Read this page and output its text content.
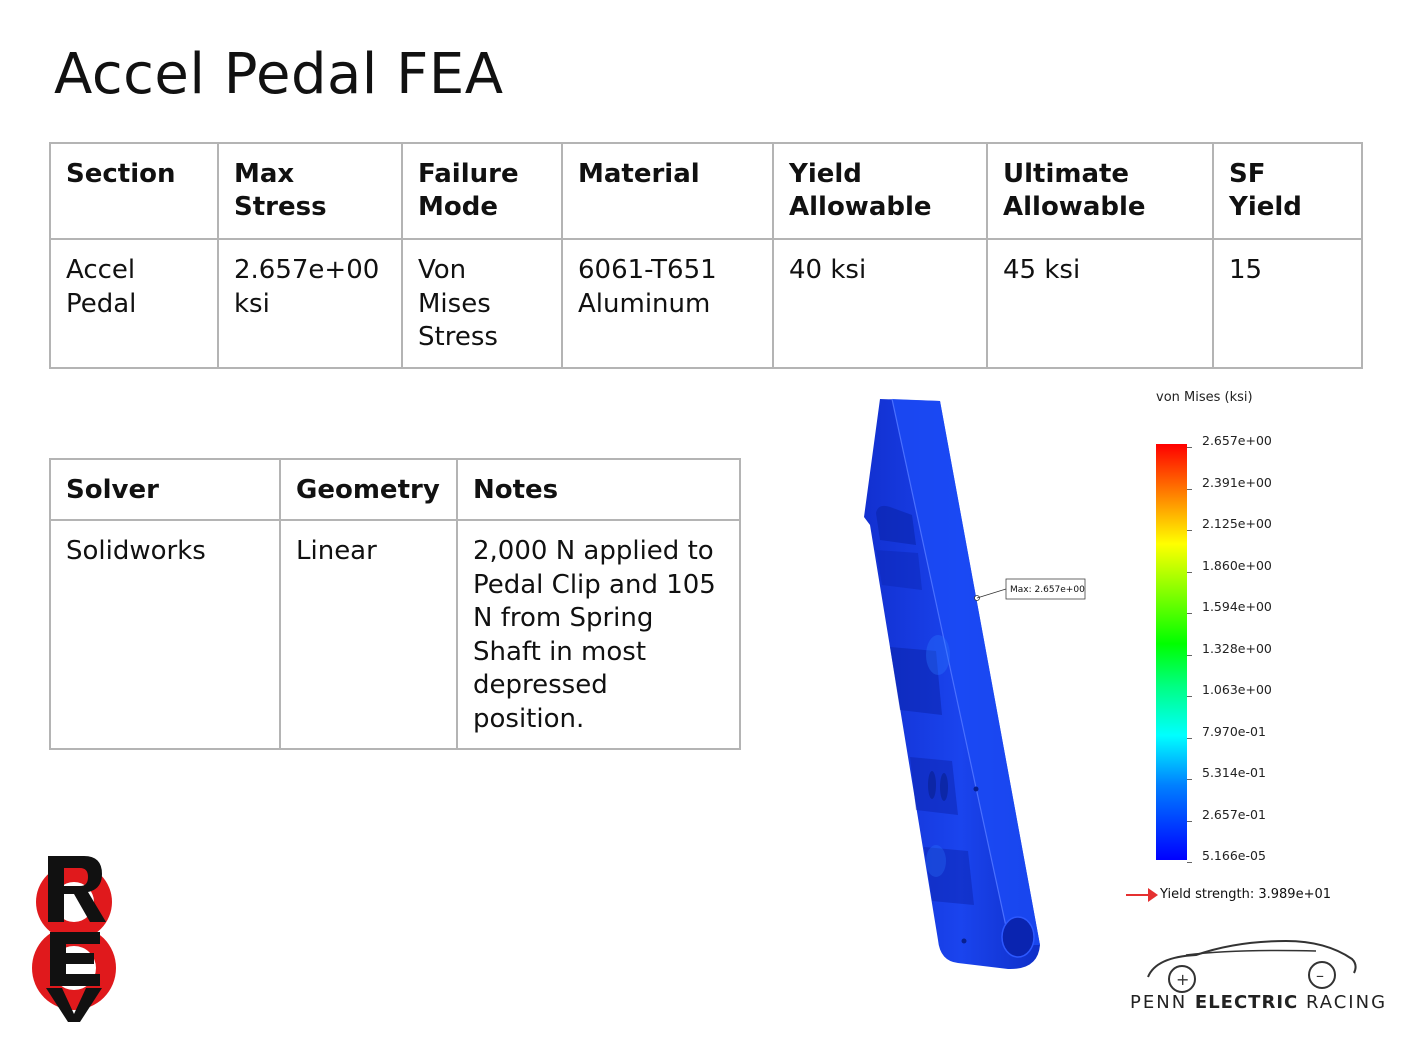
Accel Pedal FEA
Section	Max Stress	Failure Mode	Material	Yield Allowable	Ultimate Allowable	SF Yield
Accel Pedal	2.657e+00 ksi	Von Mises Stress	6061-T651 Aluminum	40 ksi	45 ksi	15
Solver	Geometry	Notes
Solidworks	Linear	2,000 N applied to Pedal Clip and 105 N from Spring Shaft in most depressed position.
Max: 2.657e+00
von Mises (ksi)
2.657e+00
2.391e+00
2.125e+00
1.860e+00
1.594e+00
1.328e+00
1.063e+00
7.970e-01
5.314e-01
2.657e-01
5.166e-05
Yield strength: 3.989e+01
+	–
PENN ELECTRIC RACING
